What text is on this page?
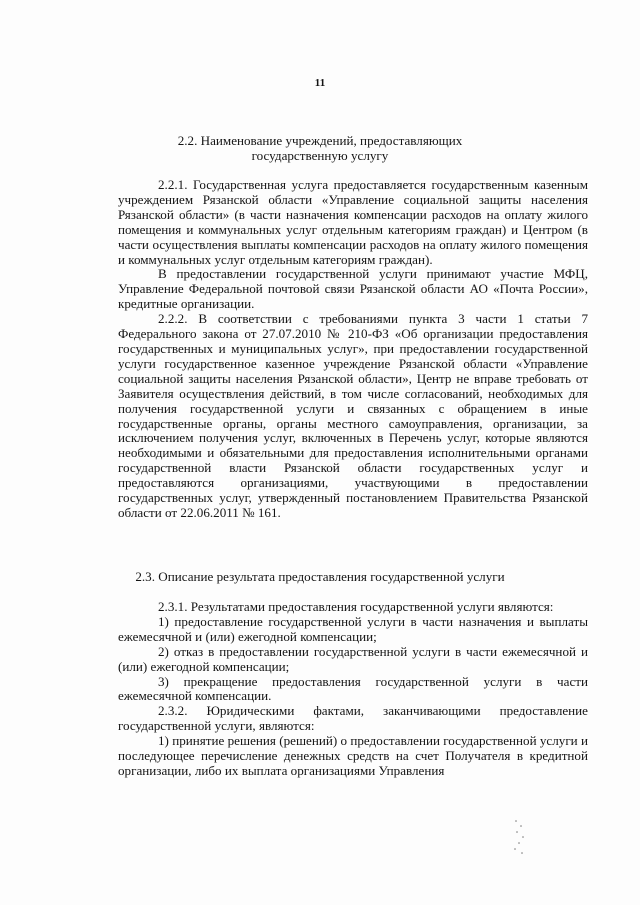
11
2.2. Наименование учреждений, предоставляющих
государственную услугу

2.2.1. Государственная услуга предоставляется государственным казенным учреждением Рязанской области «Управление социальной защиты населения Рязанской области» (в части назначения компенсации расходов на оплату жилого помещения и коммунальных услуг отдельным категориям граждан) и Центром (в части осуществления выплаты компенсации расходов на оплату жилого помещения и коммунальных услуг отдельным категориям граждан).

В предоставлении государственной услуги принимают участие МФЦ, Управление Федеральной почтовой связи Рязанской области АО «Почта России», кредитные организации.

2.2.2. В соответствии с требованиями пункта 3 части 1 статьи 7 Федерального закона от 27.07.2010 № 210-ФЗ «Об организации предоставления государственных и муниципальных услуг», при предоставлении государственной услуги государственное казенное учреждение Рязанской области «Управление социальной защиты населения Рязанской области», Центр не вправе требовать от Заявителя осуществления действий, в том числе согласований, необходимых для получения государственной услуги и связанных с обращением в иные государственные органы, органы местного самоуправления, организации, за исключением получения услуг, включенных в Перечень услуг, которые являются необходимыми и обязательными для предоставления исполнительными органами государственной власти Рязанской области государственных услуг и предоставляются организациями, участвующими в предоставлении государственных услуг, утвержденный постановлением Правительства Рязанской области от 22.06.2011 № 161.

2.3. Описание результата предоставления государственной услуги

2.3.1. Результатами предоставления государственной услуги являются:

1) предоставление государственной услуги в части назначения и выплаты ежемесячной и (или) ежегодной компенсации;

2) отказ в предоставлении государственной услуги в части ежемесячной и (или) ежегодной компенсации;

3) прекращение предоставления государственной услуги в части ежемесячной компенсации.

2.3.2. Юридическими фактами, заканчивающими предоставление государственной услуги, являются:

1) принятие решения (решений) о предоставлении государственной услуги и последующее перечисление денежных средств на счет Получателя в кредитной организации, либо их выплата организациями Управления
